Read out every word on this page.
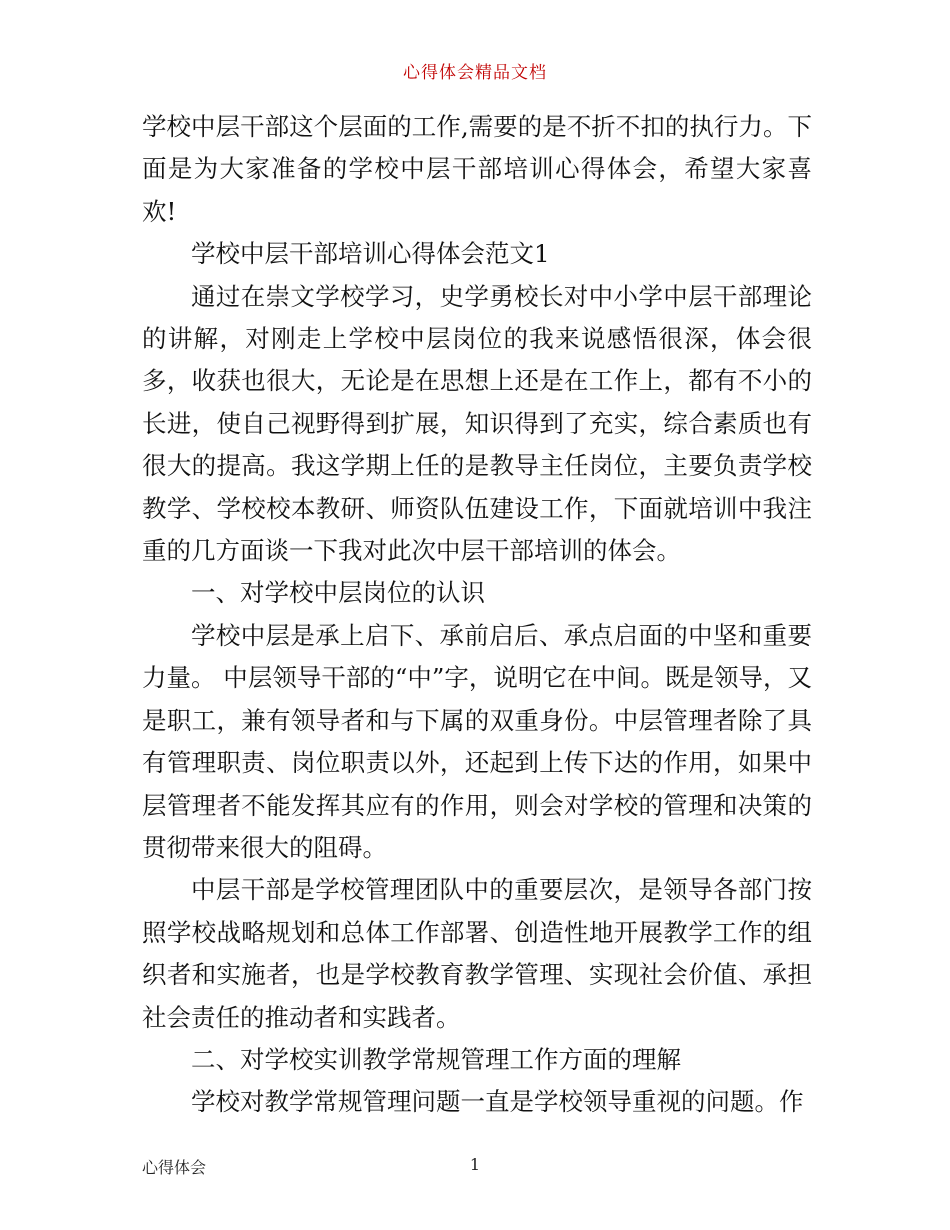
心得体会精品文档

学校中层干部这个层面的工作,需要的是不折不扣的执行力。下面是为大家准备的学校中层干部培训心得体会，希望大家喜欢!

学校中层干部培训心得体会范文1

通过在崇文学校学习，史学勇校长对中小学中层干部理论的讲解，对刚走上学校中层岗位的我来说感悟很深，体会很多，收获也很大，无论是在思想上还是在工作上，都有不小的长进，使自己视野得到扩展，知识得到了充实，综合素质也有很大的提高。我这学期上任的是教导主任岗位，主要负责学校教学、学校校本教研、师资队伍建设工作，下面就培训中我注重的几方面谈一下我对此次中层干部培训的体会。

一、对学校中层岗位的认识

学校中层是承上启下、承前启后、承点启面的中坚和重要力量。 中层领导干部的“中”字，说明它在中间。既是领导，又是职工，兼有领导者和与下属的双重身份。中层管理者除了具有管理职责、岗位职责以外，还起到上传下达的作用，如果中层管理者不能发挥其应有的作用，则会对学校的管理和决策的贯彻带来很大的阻碍。

中层干部是学校管理团队中的重要层次，是领导各部门按照学校战略规划和总体工作部署、创造性地开展教学工作的组织者和实施者，也是学校教育教学管理、实现社会价值、承担社会责任的推动者和实践者。

二、对学校实训教学常规管理工作方面的理解

学校对教学常规管理问题一直是学校领导重视的问题。作

心得体会	1
